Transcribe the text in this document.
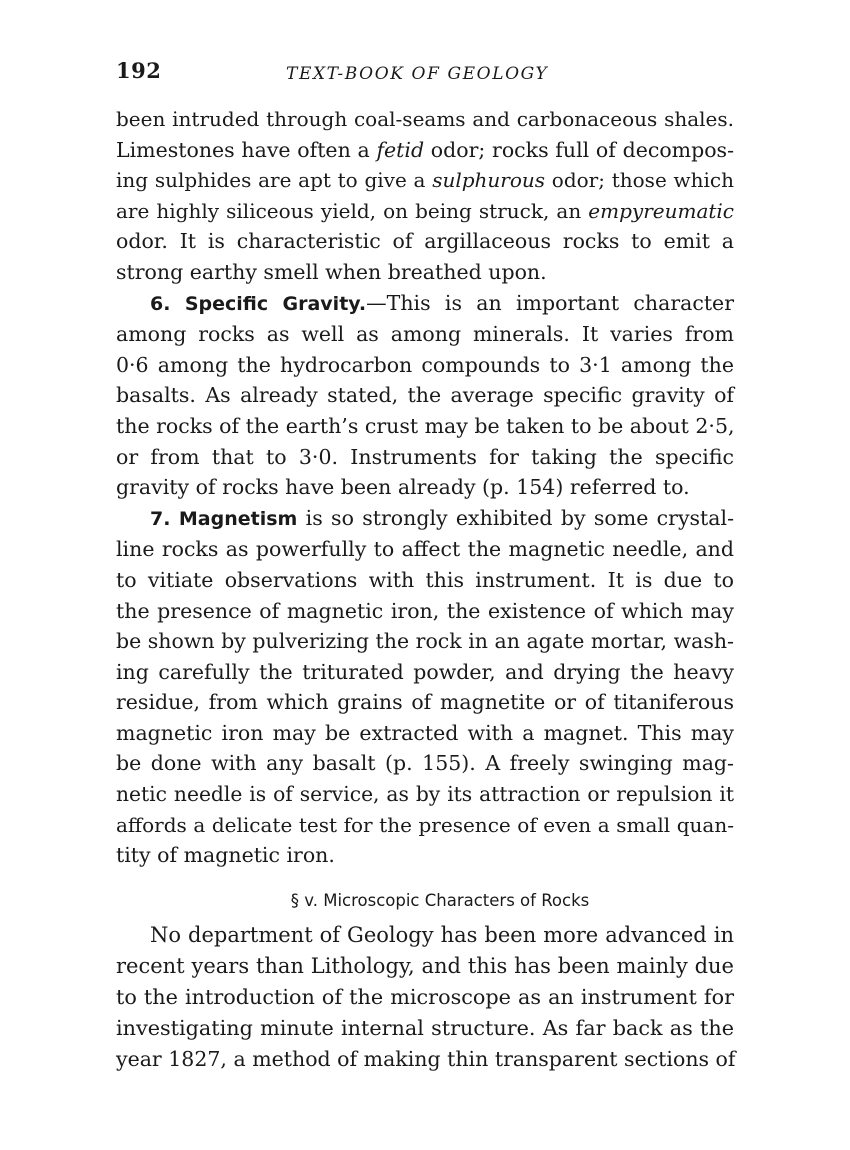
192	TEXT-BOOK OF GEOLOGY

been intruded through coal-seams and carbonaceous shales.
Limestones have often a fetid odor; rocks full of decompos-
ing sulphides are apt to give a sulphurous odor; those which
are highly siliceous yield, on being struck, an empyreumatic
odor. It is characteristic of argillaceous rocks to emit a
strong earthy smell when breathed upon.

6. Specific Gravity.—This is an important character
among rocks as well as among minerals. It varies from
0·6 among the hydrocarbon compounds to 3·1 among the
basalts. As already stated, the average specific gravity of
the rocks of the earth’s crust may be taken to be about 2·5,
or from that to 3·0. Instruments for taking the specific
gravity of rocks have been already (p. 154) referred to.

7. Magnetism is so strongly exhibited by some crystal-
line rocks as powerfully to affect the magnetic needle, and
to vitiate observations with this instrument. It is due to
the presence of magnetic iron, the existence of which may
be shown by pulverizing the rock in an agate mortar, wash-
ing carefully the triturated powder, and drying the heavy
residue, from which grains of magnetite or of titaniferous
magnetic iron may be extracted with a magnet. This may
be done with any basalt (p. 155). A freely swinging mag-
netic needle is of service, as by its attraction or repulsion it
affords a delicate test for the presence of even a small quan-
tity of magnetic iron.

§ v. Microscopic Characters of Rocks

No department of Geology has been more advanced in
recent years than Lithology, and this has been mainly due
to the introduction of the microscope as an instrument for
investigating minute internal structure. As far back as the
year 1827, a method of making thin transparent sections of
